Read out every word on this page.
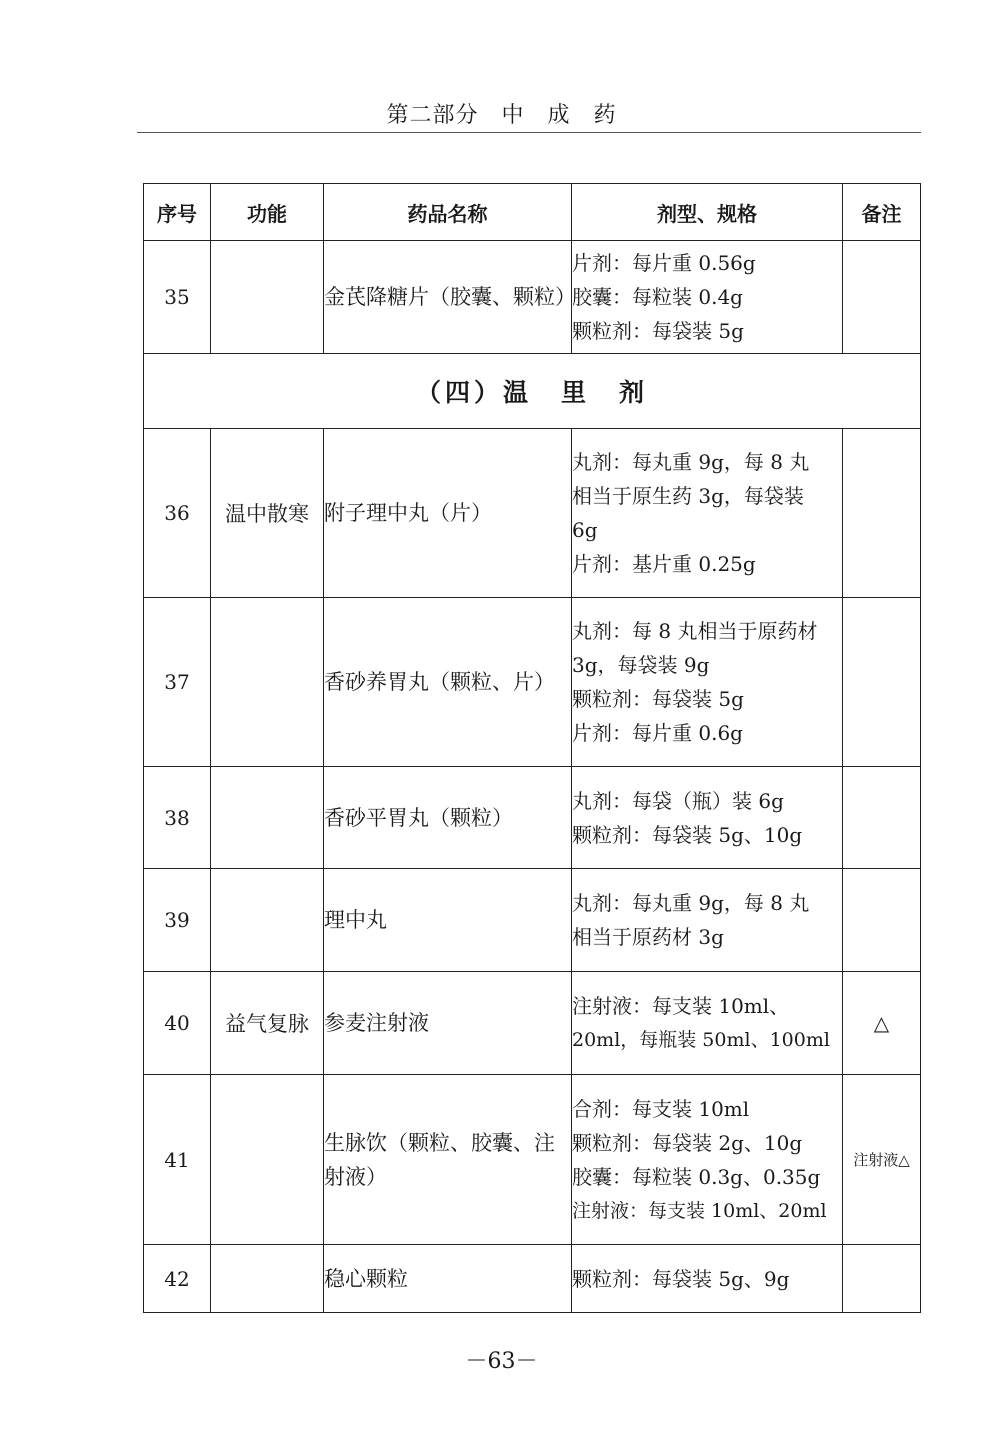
第二部分　中　成　药
序号	功能	药品名称	剂型、规格	备注
35		金芪降糖片（胶囊、颗粒）	片剂：每片重 0.56g
胶囊：每粒装 0.4g
颗粒剂：每袋装 5g	

（四）温　里　剂				
36	温中散寒	附子理中丸（片）	丸剂：每丸重 9g，每 8 丸
相当于原生药 3g，每袋装
6g
片剂：基片重 0.25g	

37		香砂养胃丸（颗粒、片）	丸剂：每 8 丸相当于原药材
3g，每袋装 9g
颗粒剂：每袋装 5g
片剂：每片重 0.6g	

38		香砂平胃丸（颗粒）	丸剂：每袋（瓶）装 6g
颗粒剂：每袋装 5g、10g	

39		理中丸	丸剂：每丸重 9g，每 8 丸
相当于原药材 3g	

40	益气复脉	参麦注射液	注射液：每支装 10ml、
20ml，每瓶装 50ml、100ml	△
41		生脉饮（颗粒、胶囊、注射液）	合剂：每支装 10ml
颗粒剂：每袋装 2g、10g
胶囊：每粒装 0.3g、0.35g
注射液：每支装 10ml、20ml	注射液△
42		稳心颗粒	颗粒剂：每袋装 5g、9g	

－63－
